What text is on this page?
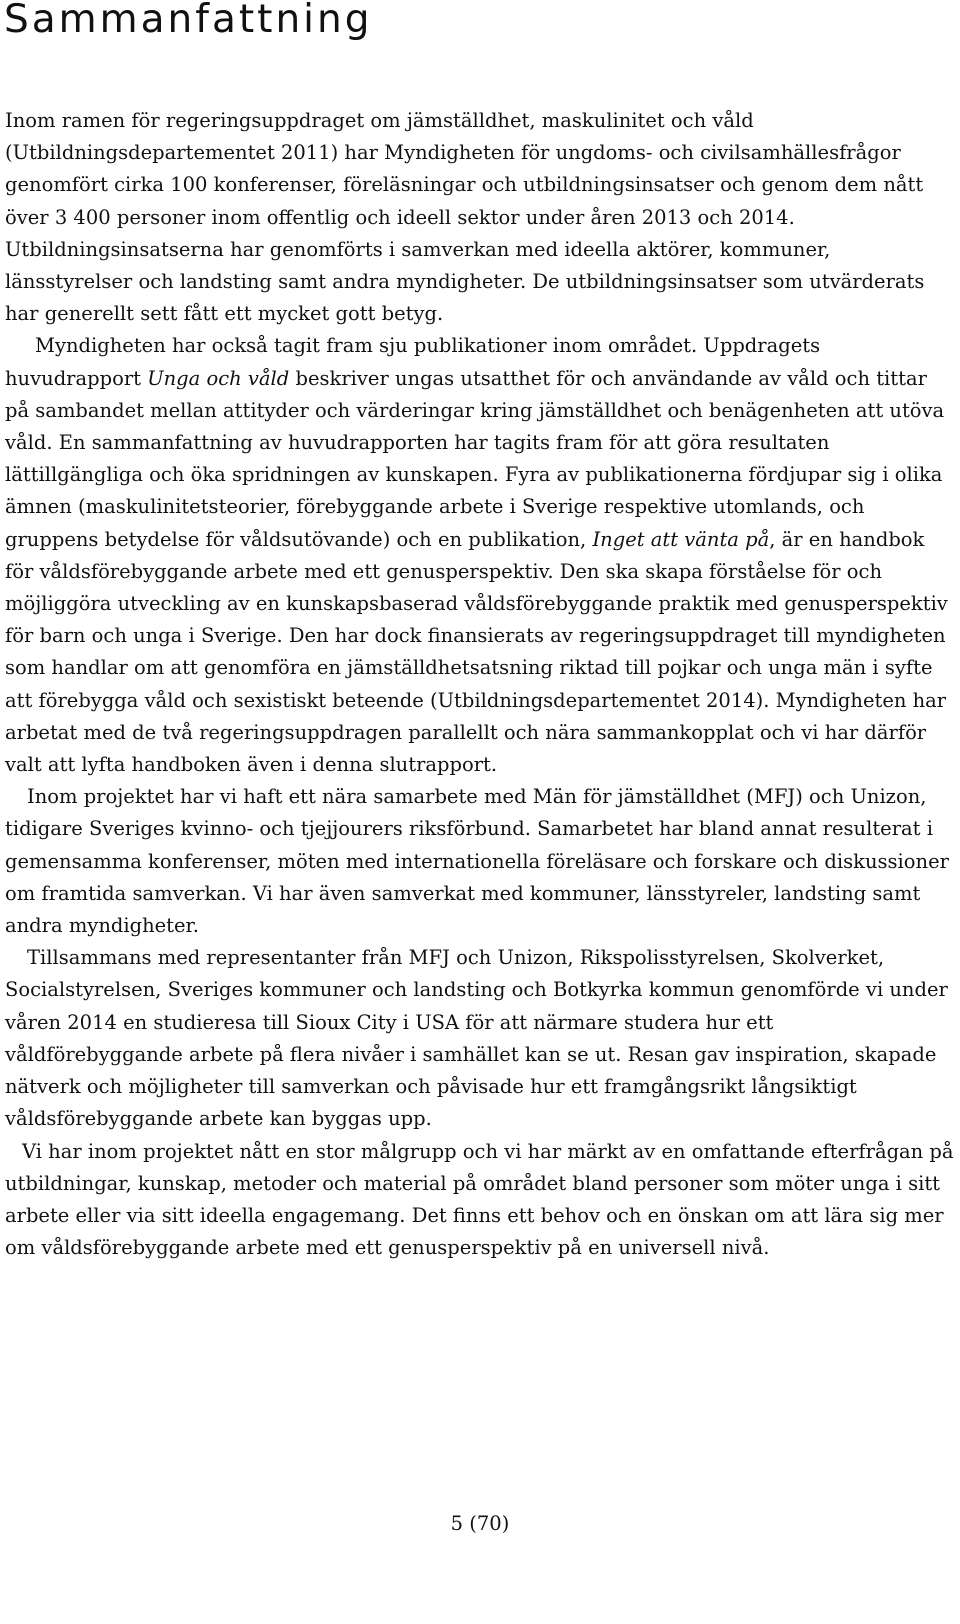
Sammanfattning

Inom ramen för regeringsuppdraget om jämställdhet, maskulinitet och våld (Utbildningsdepartementet 2011) har Myndigheten för ungdoms- och civilsamhällesfrågor genomfört cirka 100 konferenser, föreläsningar och utbildningsinsatser och genom dem nått över 3 400 personer inom offentlig och ideell sektor under åren 2013 och 2014. Utbildningsinsatserna har genomförts i samverkan med ideella aktörer, kommuner, länsstyrelser och landsting samt andra myndigheter. De utbildningsinsatser som utvärderats har generellt sett fått ett mycket gott betyg.

Myndigheten har också tagit fram sju publikationer inom området. Uppdragets huvudrapport Unga och våld beskriver ungas utsatthet för och användande av våld och tittar på sambandet mellan attityder och värderingar kring jämställdhet och benägenheten att utöva våld. En sammanfattning av huvudrapporten har tagits fram för att göra resultaten lättillgängliga och öka spridningen av kunskapen. Fyra av publikationerna fördjupar sig i olika ämnen (maskulinitetsteorier, förebyggande arbete i Sverige respektive utomlands, och gruppens betydelse för våldsutövande) och en publikation, Inget att vänta på, är en handbok för våldsförebyggande arbete med ett genusperspektiv. Den ska skapa förståelse för och möjliggöra utveckling av en kunskapsbaserad våldsförebyggande praktik med genusperspektiv för barn och unga i Sverige. Den har dock finansierats av regeringsuppdraget till myndigheten som handlar om att genomföra en jämställdhetsatsning riktad till pojkar och unga män i syfte att förebygga våld och sexistiskt beteende (Utbildningsdepartementet 2014). Myndigheten har arbetat med de två regeringsuppdragen parallellt och nära sammankopplat och vi har därför valt att lyfta handboken även i denna slutrapport.

Inom projektet har vi haft ett nära samarbete med Män för jämställdhet (MFJ) och Unizon, tidigare Sveriges kvinno- och tjejjourers riksförbund. Samarbetet har bland annat resulterat i gemensamma konferenser, möten med internationella föreläsare och forskare och diskussioner om framtida samverkan. Vi har även samverkat med kommuner, länsstyreler, landsting samt andra myndigheter.

Tillsammans med representanter från MFJ och Unizon, Rikspolisstyrelsen, Skolverket, Socialstyrelsen, Sveriges kommuner och landsting och Botkyrka kommun genomförde vi under våren 2014 en studieresa till Sioux City i USA för att närmare studera hur ett våldförebyggande arbete på flera nivåer i samhället kan se ut. Resan gav inspiration, skapade nätverk och möjligheter till samverkan och påvisade hur ett framgångsrikt långsiktigt våldsförebyggande arbete kan byggas upp.

Vi har inom projektet nått en stor målgrupp och vi har märkt av en omfattande efterfrågan på utbildningar, kunskap, metoder och material på området bland personer som möter unga i sitt arbete eller via sitt ideella engagemang. Det finns ett behov och en önskan om att lära sig mer om våldsförebyggande arbete med ett genusperspektiv på en universell nivå.

5 (70)
